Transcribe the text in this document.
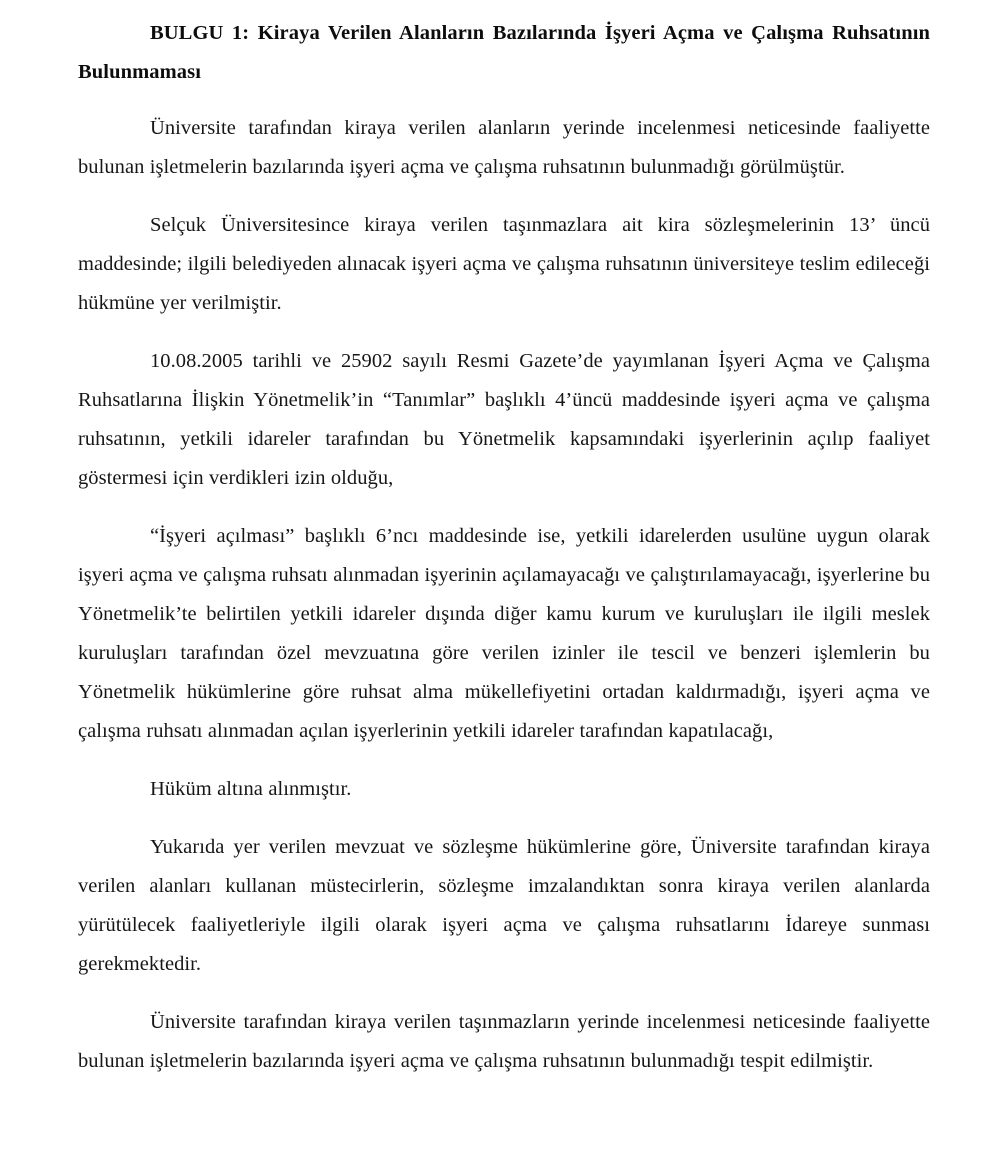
BULGU 1: Kiraya Verilen Alanların Bazılarında İşyeri Açma ve Çalışma Ruhsatının Bulunmaması

Üniversite tarafından kiraya verilen alanların yerinde incelenmesi neticesinde faaliyette bulunan işletmelerin bazılarında işyeri açma ve çalışma ruhsatının bulunmadığı görülmüştür.

Selçuk Üniversitesince kiraya verilen taşınmazlara ait kira sözleşmelerinin 13’ üncü maddesinde; ilgili belediyeden alınacak işyeri açma ve çalışma ruhsatının üniversiteye teslim edileceği hükmüne yer verilmiştir.

10.08.2005 tarihli ve 25902 sayılı Resmi Gazete’de yayımlanan İşyeri Açma ve Çalışma Ruhsatlarına İlişkin Yönetmelik’in “Tanımlar” başlıklı 4’üncü maddesinde işyeri açma ve çalışma ruhsatının, yetkili idareler tarafından bu Yönetmelik kapsamındaki işyerlerinin açılıp faaliyet göstermesi için verdikleri izin olduğu,

“İşyeri açılması” başlıklı 6’ncı maddesinde ise, yetkili idarelerden usulüne uygun olarak işyeri açma ve çalışma ruhsatı alınmadan işyerinin açılamayacağı ve çalıştırılamayacağı, işyerlerine bu Yönetmelik’te belirtilen yetkili idareler dışında diğer kamu kurum ve kuruluşları ile ilgili meslek kuruluşları tarafından özel mevzuatına göre verilen izinler ile tescil ve benzeri işlemlerin bu Yönetmelik hükümlerine göre ruhsat alma mükellefiyetini ortadan kaldırmadığı, işyeri açma ve çalışma ruhsatı alınmadan açılan işyerlerinin yetkili idareler tarafından kapatılacağı,

Hüküm altına alınmıştır.

Yukarıda yer verilen mevzuat ve sözleşme hükümlerine göre, Üniversite tarafından kiraya verilen alanları kullanan müstecirlerin, sözleşme imzalandıktan sonra kiraya verilen alanlarda yürütülecek faaliyetleriyle ilgili olarak işyeri açma ve çalışma ruhsatlarını İdareye sunması gerekmektedir.

Üniversite tarafından kiraya verilen taşınmazların yerinde incelenmesi neticesinde faaliyette bulunan işletmelerin bazılarında işyeri açma ve çalışma ruhsatının bulunmadığı tespit edilmiştir.
